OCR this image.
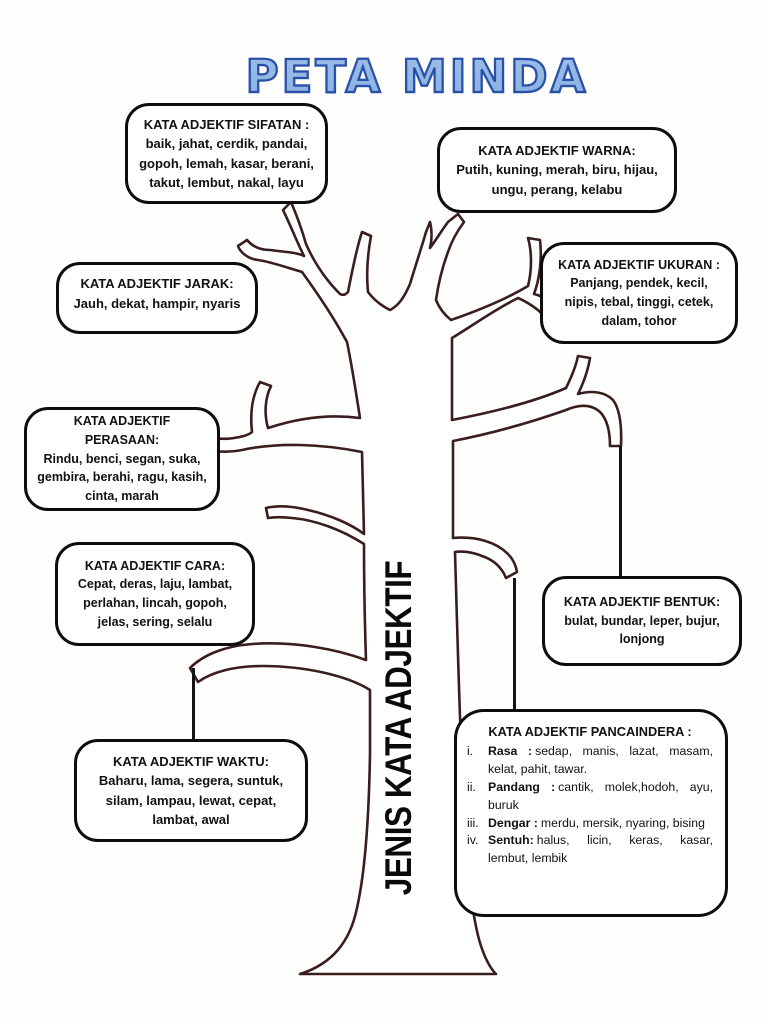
PETA MINDA
JENIS KATA ADJEKTIF
KATA ADJEKTIF SIFATAN :
baik, jahat, cerdik, pandai, gopoh, lemah, kasar, berani, takut, lembut, nakal, layu
KATA ADJEKTIF WARNA:
Putih, kuning, merah, biru, hijau, ungu, perang, kelabu
KATA ADJEKTIF UKURAN :
Panjang, pendek, kecil, nipis, tebal, tinggi, cetek, dalam, tohor
KATA ADJEKTIF JARAK:
Jauh, dekat, hampir, nyaris
KATA ADJEKTIF PERASAAN:
Rindu, benci, segan, suka, gembira, berahi, ragu, kasih, cinta, marah
KATA ADJEKTIF CARA:
Cepat, deras, laju, lambat, perlahan, lincah, gopoh, jelas, sering, selalu
KATA ADJEKTIF BENTUK:
bulat, bundar, leper, bujur, lonjong
KATA ADJEKTIF WAKTU:
Baharu, lama, segera, suntuk, silam, lampau, lewat, cepat, lambat, awal
KATA ADJEKTIF PANCAINDERA :
i.	Rasa : sedap, manis, lazat, masam, kelat, pahit, tawar.
ii. Pandang : cantik, molek,hodoh, ayu, buruk
iii. Dengar : merdu, mersik, nyaring, bising
iv. Sentuh: halus, licin, keras, kasar, lembut, lembik
